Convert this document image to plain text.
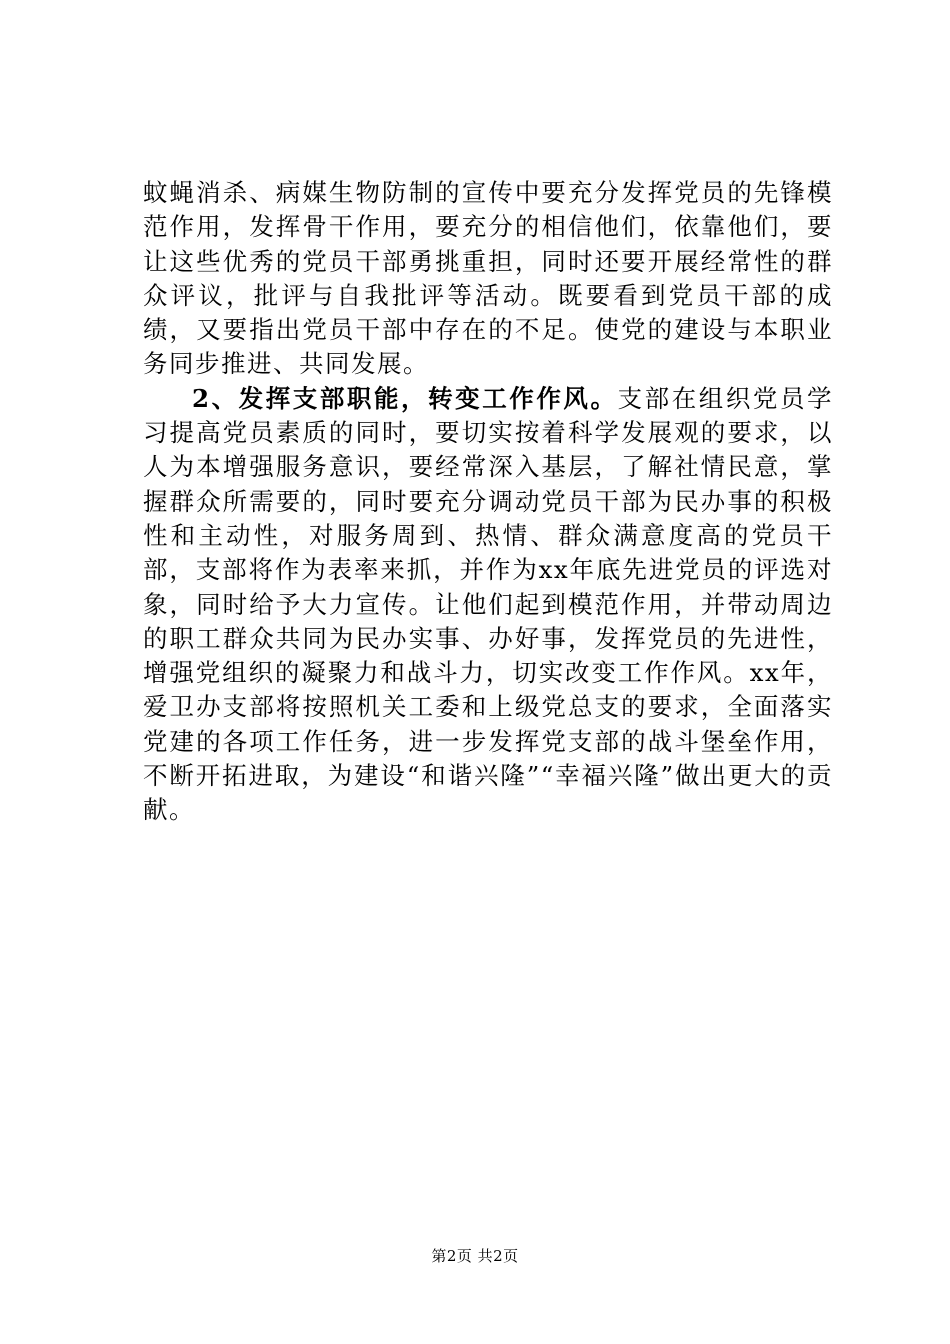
蚊蝇消杀、病媒生物防制的宣传中要充分发挥党员的先锋模范作用，发挥骨干作用，要充分的相信他们，依靠他们，要让这些优秀的党员干部勇挑重担，同时还要开展经常性的群众评议，批评与自我批评等活动。既要看到党员干部的成绩，又要指出党员干部中存在的不足。使党的建设与本职业务同步推进、共同发展。

2、发挥支部职能，转变工作作风。支部在组织党员学习提高党员素质的同时，要切实按着科学发展观的要求，以人为本增强服务意识，要经常深入基层，了解社情民意，掌握群众所需要的，同时要充分调动党员干部为民办事的积极性和主动性，对服务周到、热情、群众满意度高的党员干部，支部将作为表率来抓，并作为xx年底先进党员的评选对象，同时给予大力宣传。让他们起到模范作用，并带动周边的职工群众共同为民办实事、办好事，发挥党员的先进性，增强党组织的凝聚力和战斗力，切实改变工作作风。xx年，爱卫办支部将按照机关工委和上级党总支的要求，全面落实党建的各项工作任务，进一步发挥党支部的战斗堡垒作用，不断开拓进取，为建设“和谐兴隆”“幸福兴隆”做出更大的贡献。

第2页 共2页
